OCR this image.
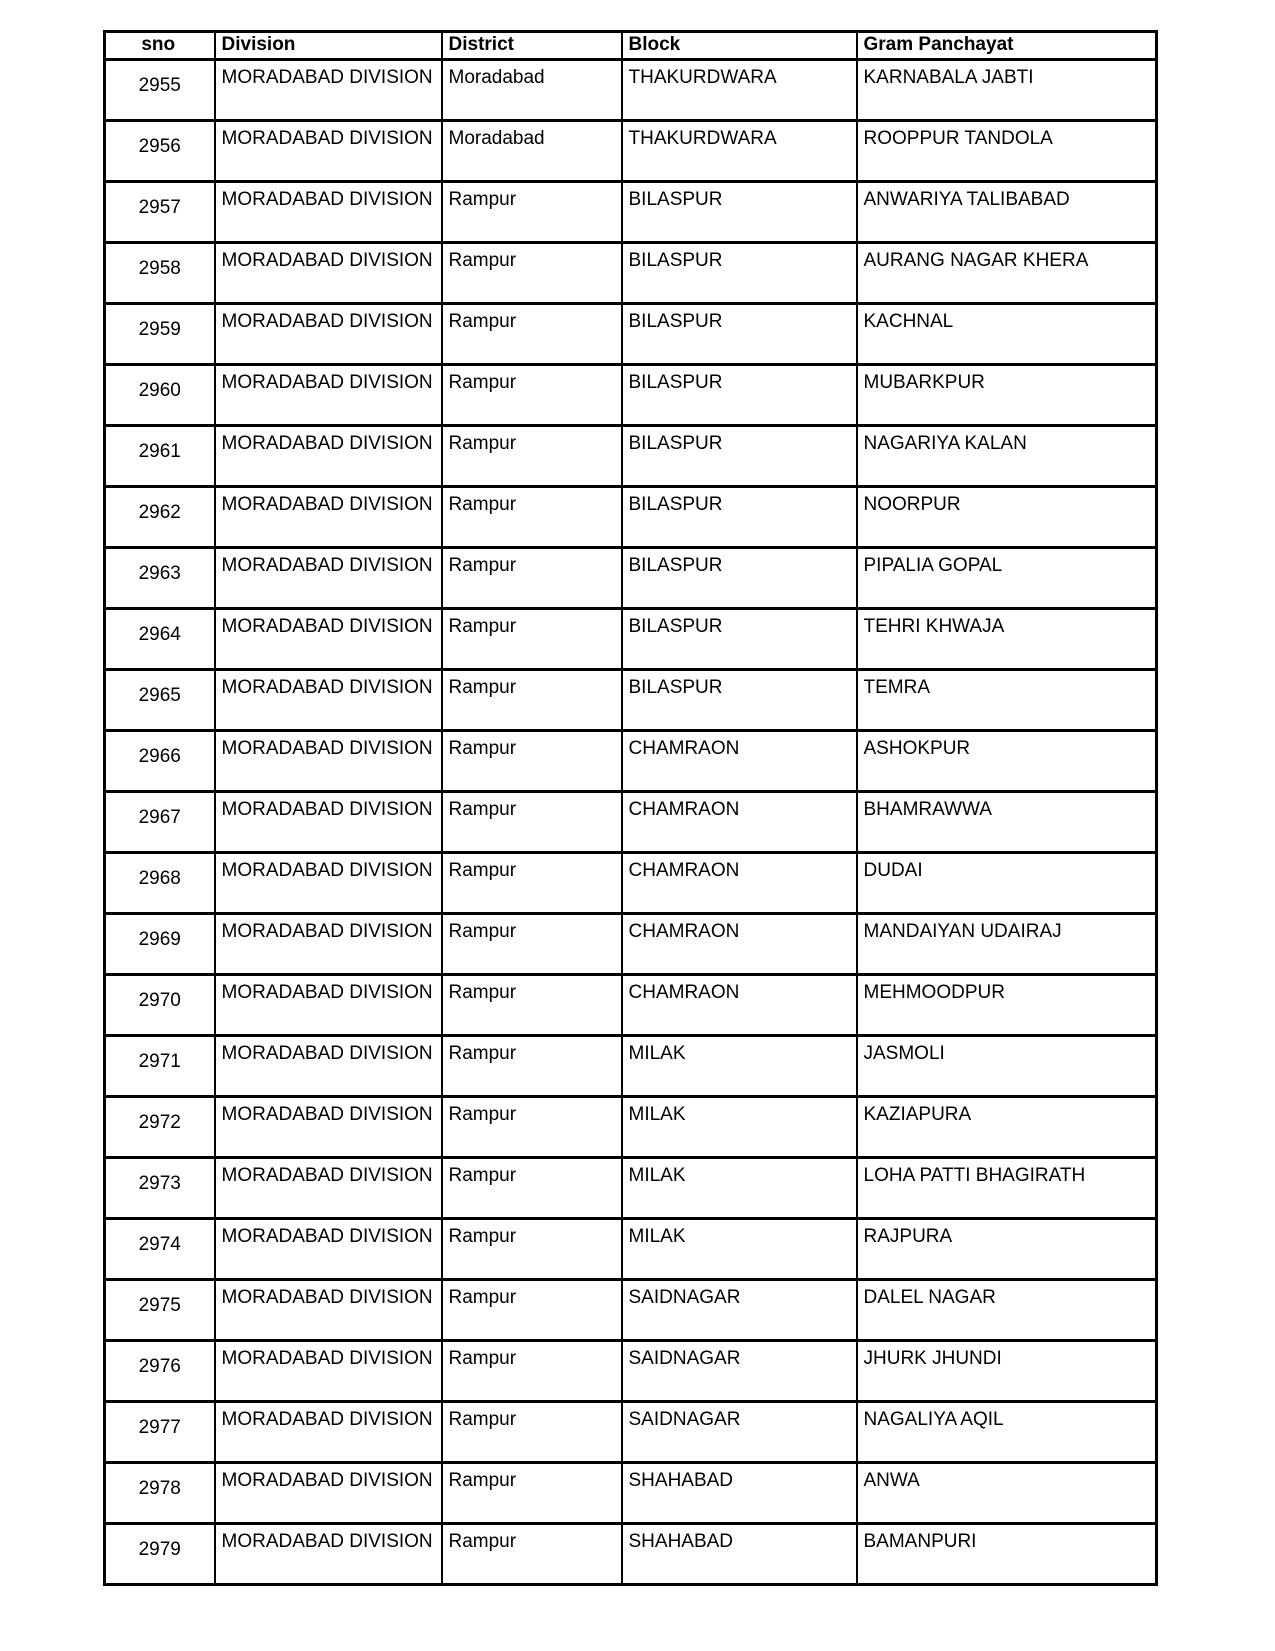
sno	Division	District	Block	Gram Panchayat
2955	MORADABAD DIVISION	Moradabad	THAKURDWARA	KARNABALA JABTI
2956	MORADABAD DIVISION	Moradabad	THAKURDWARA	ROOPPUR TANDOLA
2957	MORADABAD DIVISION	Rampur	BILASPUR	ANWARIYA TALIBABAD
2958	MORADABAD DIVISION	Rampur	BILASPUR	AURANG NAGAR KHERA
2959	MORADABAD DIVISION	Rampur	BILASPUR	KACHNAL
2960	MORADABAD DIVISION	Rampur	BILASPUR	MUBARKPUR
2961	MORADABAD DIVISION	Rampur	BILASPUR	NAGARIYA KALAN
2962	MORADABAD DIVISION	Rampur	BILASPUR	NOORPUR
2963	MORADABAD DIVISION	Rampur	BILASPUR	PIPALIA GOPAL
2964	MORADABAD DIVISION	Rampur	BILASPUR	TEHRI KHWAJA
2965	MORADABAD DIVISION	Rampur	BILASPUR	TEMRA
2966	MORADABAD DIVISION	Rampur	CHAMRAON	ASHOKPUR
2967	MORADABAD DIVISION	Rampur	CHAMRAON	BHAMRAWWA
2968	MORADABAD DIVISION	Rampur	CHAMRAON	DUDAI
2969	MORADABAD DIVISION	Rampur	CHAMRAON	MANDAIYAN UDAIRAJ
2970	MORADABAD DIVISION	Rampur	CHAMRAON	MEHMOODPUR
2971	MORADABAD DIVISION	Rampur	MILAK	JASMOLI
2972	MORADABAD DIVISION	Rampur	MILAK	KAZIAPURA
2973	MORADABAD DIVISION	Rampur	MILAK	LOHA PATTI BHAGIRATH
2974	MORADABAD DIVISION	Rampur	MILAK	RAJPURA
2975	MORADABAD DIVISION	Rampur	SAIDNAGAR	DALEL NAGAR
2976	MORADABAD DIVISION	Rampur	SAIDNAGAR	JHURK JHUNDI
2977	MORADABAD DIVISION	Rampur	SAIDNAGAR	NAGALIYA AQIL
2978	MORADABAD DIVISION	Rampur	SHAHABAD	ANWA
2979	MORADABAD DIVISION	Rampur	SHAHABAD	BAMANPURI
